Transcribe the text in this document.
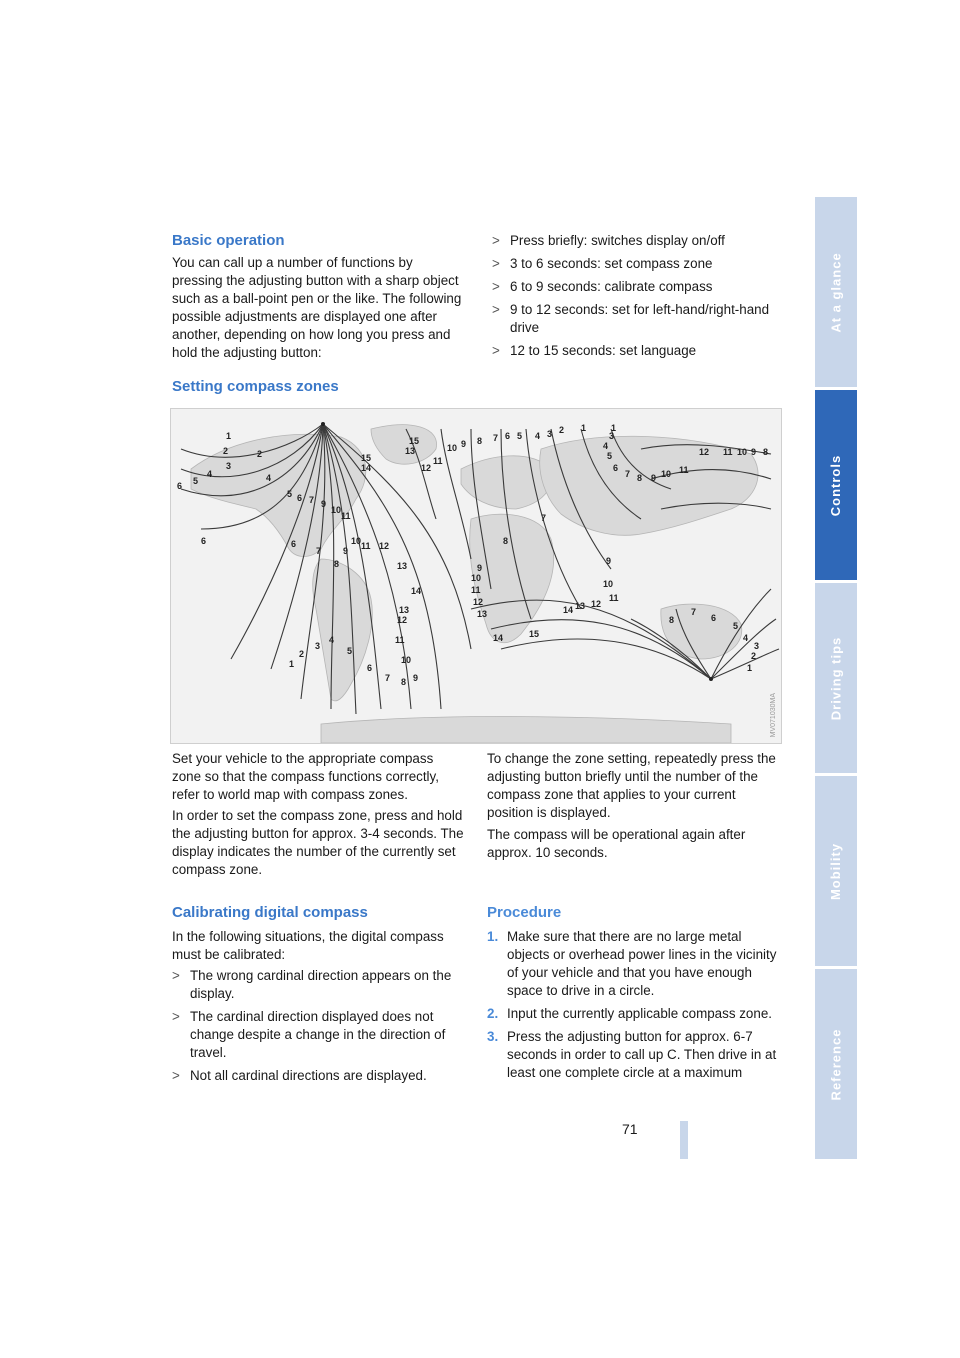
Basic operation

You can call up a number of functions by pressing the adjusting button with a sharp object such as a ball-point pen or the like. The following possible adjustments are displayed one after another, depending on how long you press and hold the adjusting button:

> Press briefly: switches display on/off
> 3 to 6 seconds: set compass zone
> 6 to 9 seconds: calibrate compass
> 9 to 12 seconds: set for left-hand/right-hand drive
> 12 to 15 seconds: set language
Setting compass zones
1
2
3
4
5
6
7
8
9
10 11 12
13
14
15
1
2
3
4
5
6
7 8 9
10
11
12
13
14	15
9
10
11
12
13
7
8
9
10
11
12
13
14
8
7
6
5
4
3
2
1
12 11 10 9 8
11
10
9
8
7
6
5
4
3
1
1
2
3
4
5
6
7
8
9
10
11
12
13
14
15
6	6
4
2
5 6 7 9
10
11
MV071030MA

Set your vehicle to the appropriate compass zone so that the compass functions correctly, refer to world map with compass zones.

In order to set the compass zone, press and hold the adjusting button for approx. 3-4 seconds. The display indicates the number of the currently set compass zone.

To change the zone setting, repeatedly press the adjusting button briefly until the number of the compass zone that applies to your current position is displayed.

The compass will be operational again after approx. 10 seconds.

Calibrating digital compass

In the following situations, the digital compass must be calibrated:

> The wrong cardinal direction appears on the display.
> The cardinal direction displayed does not change despite a change in the direction of travel.
> Not all cardinal directions are displayed.
Procedure
1. Make sure that there are no large metal objects or overhead power lines in the vicinity of your vehicle and that you have enough space to drive in a circle.
2. Input the currently applicable compass zone.
3. Press the adjusting button for approx. 6-7 seconds in order to call up C. Then drive in at least one complete circle at a maximum
At a glance
Controls
Driving tips
Mobility
Reference
71
